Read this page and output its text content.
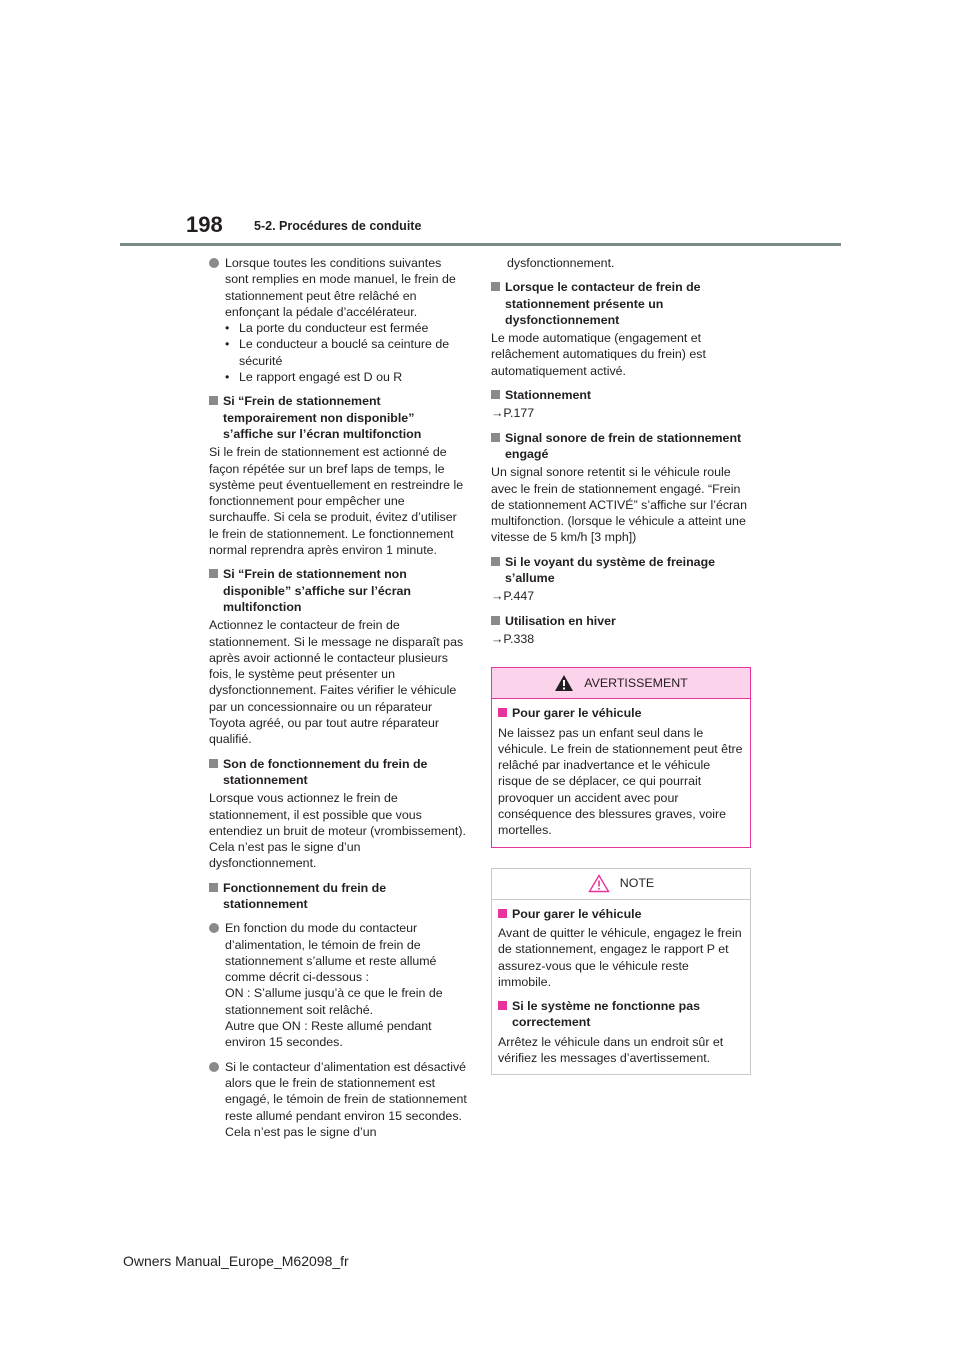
198	5-2. Procédures de conduite

Lorsque toutes les conditions suivantes sont remplies en mode manuel, le frein de stationnement peut être relâché en enfonçant la pédale d’accélérateur.

• La porte du conducteur est fermée
• Le conducteur a bouclé sa ceinture de sécurité
• Le rapport engagé est D ou R
Si “Frein de stationnement temporairement non disponible” s’affiche sur l’écran multifonction

Si le frein de stationnement est actionné de façon répétée sur un bref laps de temps, le système peut éventuellement en restreindre le fonctionnement pour empêcher une surchauffe. Si cela se produit, évitez d’utiliser le frein de stationnement. Le fonctionnement normal reprendra après environ 1 minute.

Si “Frein de stationnement non disponible” s’affiche sur l’écran multifonction

Actionnez le contacteur de frein de stationnement. Si le message ne disparaît pas après avoir actionné le contacteur plusieurs fois, le système peut présenter un dysfonctionnement. Faites vérifier le véhicule par un concessionnaire ou un réparateur Toyota agréé, ou par tout autre réparateur qualifié.

Son de fonctionnement du frein de stationnement

Lorsque vous actionnez le frein de stationnement, il est possible que vous entendiez un bruit de moteur (vrombissement). Cela n’est pas le signe d’un dysfonctionnement.

Fonctionnement du frein de stationnement

En fonction du mode du contacteur d’alimentation, le témoin de frein de stationnement s’allume et reste allumé comme décrit ci-dessous :

ON : S’allume jusqu’à ce que le frein de stationnement soit relâché.

Autre que ON : Reste allumé pendant environ 15 secondes.

Si le contacteur d’alimentation est désactivé alors que le frein de stationnement est engagé, le témoin de frein de stationnement reste allumé pendant environ 15 secondes. Cela n’est pas le signe d’un

dysfonctionnement.
Lorsque le contacteur de frein de stationnement présente un dysfonctionnement

Le mode automatique (engagement et relâchement automatiques du frein) est automatiquement activé.

Stationnement

→P.177

Signal sonore de frein de stationnement engagé

Un signal sonore retentit si le véhicule roule avec le frein de stationnement engagé. “Frein de stationnement ACTIVÉ” s’affiche sur l’écran multifonction. (lorsque le véhicule a atteint une vitesse de 5 km/h [3 mph])

Si le voyant du système de freinage s’allume

→P.447

Utilisation en hiver

→P.338

AVERTISSEMENT
Pour garer le véhicule

Ne laissez pas un enfant seul dans le véhicule. Le frein de stationnement peut être relâché par inadvertance et le véhicule risque de se déplacer, ce qui pourrait provoquer un accident avec pour conséquence des blessures graves, voire mortelles.

NOTE
Pour garer le véhicule

Avant de quitter le véhicule, engagez le frein de stationnement, engagez le rapport P et assurez-vous que le véhicule reste immobile.

Si le système ne fonctionne pas correctement

Arrêtez le véhicule dans un endroit sûr et vérifiez les messages d’avertissement.

Owners Manual_Europe_M62098_fr
